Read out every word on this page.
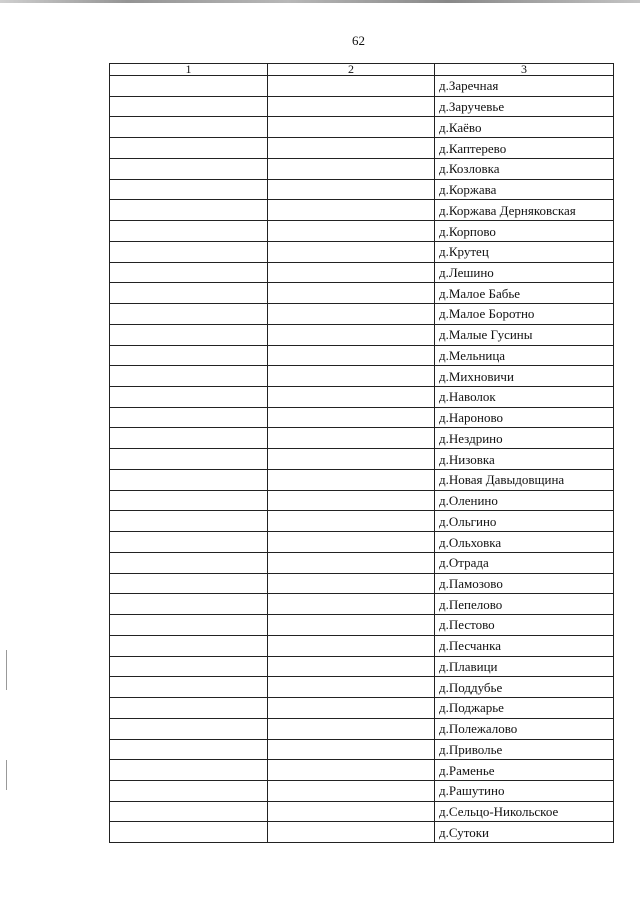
62
1	2	3
		д.Заречная
		д.Заручевье
		д.Каёво
		д.Каптерево
		д.Козловка
		д.Коржава
		д.Коржава Дерняковская
		д.Корпово
		д.Крутец
		д.Лешино
		д.Малое Бабье
		д.Малое Боротно
		д.Малые Гусины
		д.Мельница
		д.Михновичи
		д.Наволок
		д.Нароново
		д.Нездрино
		д.Низовка
		д.Новая Давыдовщина
		д.Оленино
		д.Ольгино
		д.Ольховка
		д.Отрада
		д.Памозово
		д.Пепелово
		д.Пестово
		д.Песчанка
		д.Плавици
		д.Поддубье
		д.Поджарье
		д.Полежалово
		д.Приволье
		д.Раменье
		д.Рашутино
		д.Сельцо-Никольское
		д.Сутоки
